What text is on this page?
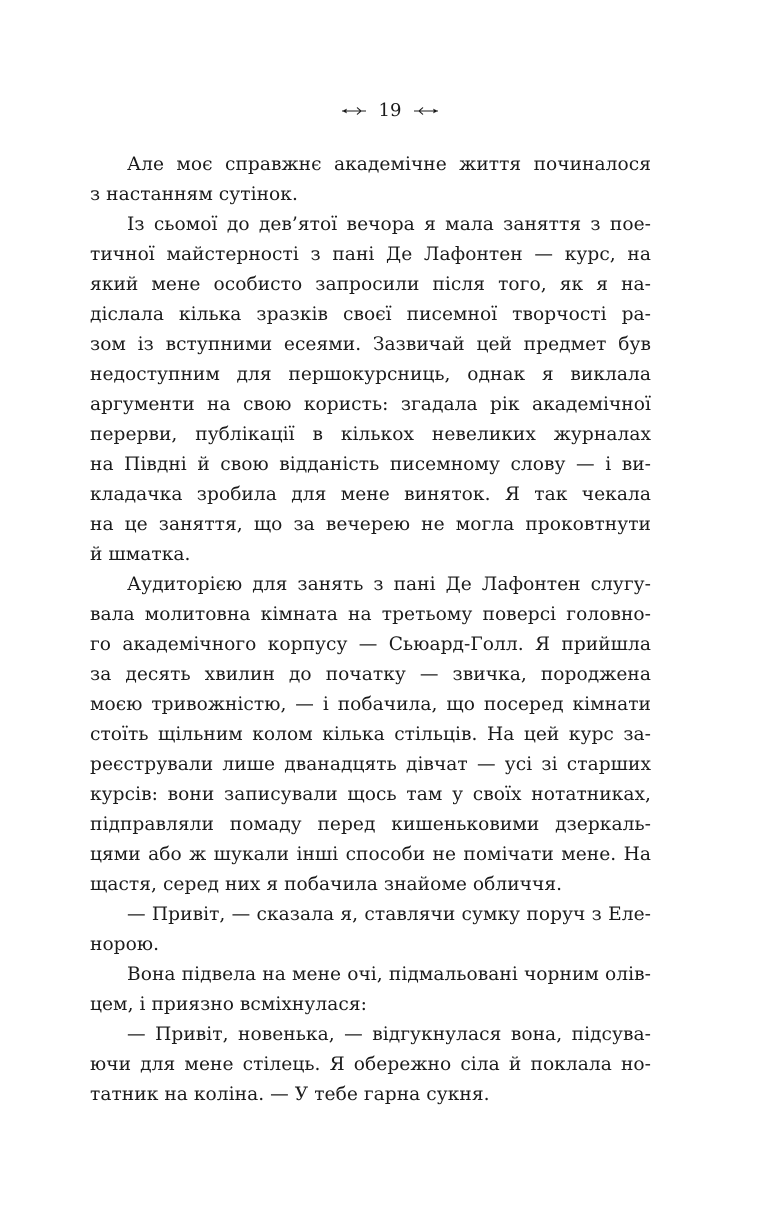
19
Але моє справжнє академічне життя починалося
з настанням сутінок.
Із сьомої до дев’ятої вечора я мала заняття з пое-
тичної майстерності з пані Де Лафонтен — курс, на
який мене особисто запросили після того, як я на-
діслала кілька зразків своєї писемної творчості ра-
зом із вступними есеями. Зазвичай цей предмет був
недоступним для першокурсниць, однак я виклала
аргументи на свою користь: згадала рік академічної
перерви, публікації в кількох невеликих журналах
на Півдні й свою відданість писемному слову — і ви-
кладачка зробила для мене виняток. Я так чекала
на це заняття, що за вечерею не могла проковтнути
й шматка.
Аудиторією для занять з пані Де Лафонтен слугу-
вала молитовна кімната на третьому поверсі головно-
го академічного корпусу — Сьюард-Голл. Я прийшла
за десять хвилин до початку — звичка, породжена
моєю тривожністю, — і побачила, що посеред кімнати
стоїть щільним колом кілька стільців. На цей курс за-
реєстрували лише дванадцять дівчат — усі зі старших
курсів: вони записували щось там у своїх нотатниках,
підправляли помаду перед кишеньковими дзеркаль-
цями або ж шукали інші способи не помічати мене. На
щастя, серед них я побачила знайоме обличчя.
— Привіт, — сказала я, ставлячи сумку поруч з Еле-
норою.
Вона підвела на мене очі, підмальовані чорним олів-
цем, і приязно всміхнулася:
— Привіт, новенька, — відгукнулася вона, підсува-
ючи для мене стілець. Я обережно сіла й поклала но-
татник на коліна. — У тебе гарна сукня.
